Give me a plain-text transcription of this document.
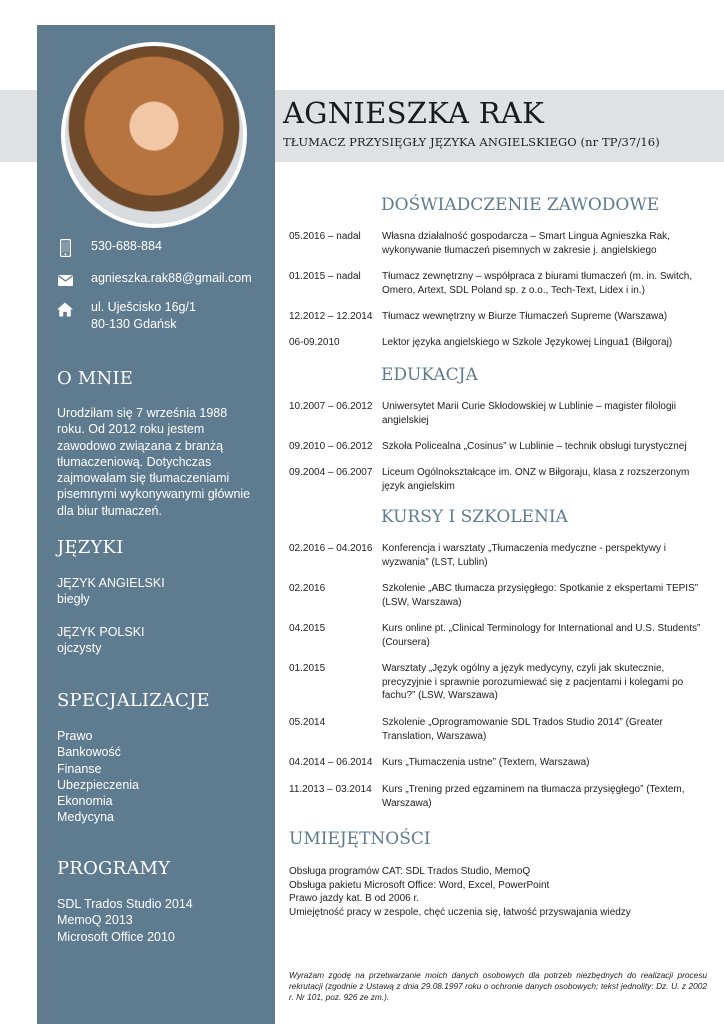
530-688-884
agnieszka.rak88@gmail.com
ul. Uješcisko 16g/1
80-130 Gdańsk
O MNIE
Urodziłam się 7 września 1988 roku. Od 2012 roku jestem zawodowo związana z branżą tłumaczeniową. Dotychczas zajmowałam się tłumaczeniami pisemnymi wykonywanymi głównie dla biur tłumaczeń.
JĘZYKI
JĘZYK ANGIELSKI
biegły
JĘZYK POLSKI
ojczysty
SPECJALIZACJE
Prawo
Bankowość
Finanse
Ubezpieczenia
Ekonomia
Medycyna
PROGRAMY
SDL Trados Studio 2014
MemoQ 2013
Microsoft Office 2010
AGNIESZKA RAK
TŁUMACZ PRZYSIĘGŁY JĘZYKA ANGIELSKIEGO (nr TP/37/16)
DOŚWIADCZENIE ZAWODOWE
05.2016 – nadal	Własna działalność gospodarcza – Smart Lingua Agnieszka Rak, wykonywanie tłumaczeń pisemnych w zakresie j. angielskiego
01.2015 – nadal	Tłumacz zewnętrzny – współpraca z biurami tłumaczeń (m. in. Switch, Omero, Artext, SDL Poland sp. z o.o., Tech-Text, Lidex i in.)
12.2012 – 12.2014 Tłumacz wewnętrzny w Biurze Tłumaczeń Supreme (Warszawa)
06-09.2010	Lektor języka angielskiego w Szkole Językowej Lingua1 (Biłgoraj)
EDUKACJA
10.2007 – 06.2012 Uniwersytet Marii Curie Skłodowskiej w Lublinie – magister filologii angielskiej
09.2010 – 06.2012 Szkoła Policealna „Cosinus” w Lublinie – technik obsługi turystycznej
09.2004 – 06.2007 Liceum Ogólnokształcące im. ONZ w Biłgoraju, klasa z rozszerzonym język angielskim
KURSY I SZKOLENIA
02.2016 – 04.2016 Konferencja i warsztaty „Tłumaczenia medyczne - perspektywy i wyzwania” (LST, Lublin)
02.2016	Szkolenie „ABC tłumacza przysięgłego: Spotkanie z ekspertami TEPIS” (LSW, Warszawa)
04.2015	Kurs online pt. „Clinical Terminology for International and U.S. Students” (Coursera)
01.2015	Warsztaty „Język ogólny a język medycyny, czyli jak skutecznie, precyzyjnie i sprawnie porozumiewać się z pacjentami i kolegami po fachu?” (LSW, Warszawa)
05.2014	Szkolenie „Oprogramowanie SDL Trados Studio 2014” (Greater Translation, Warszawa)
04.2014 – 06.2014 Kurs „Tłumaczenia ustne” (Textem, Warszawa)
11.2013 – 03.2014	Kurs „Trening przed egzaminem na tłumacza przysięgłego” (Textem, Warszawa)
UMIEJĘTNOŚCI
Obsługa programów CAT: SDL Trados Studio, MemoQ
Obsługa pakietu Microsoft Office: Word, Excel, PowerPoint
Prawo jazdy kat. B od 2006 r.
Umiejętność pracy w zespole, chęć uczenia się, łatwość przyswajania wiedzy
Wyrażam zgodę na przetwarzanie moich danych osobowych dla potrzeb niezbędnych do realizacji procesu rekrutacji (zgodnie z Ustawą z dnia 29.08.1997 roku o ochronie danych osobowych; tekst jednolity: Dz. U. z 2002 r. Nr 101, poz. 926 ze zm.).
